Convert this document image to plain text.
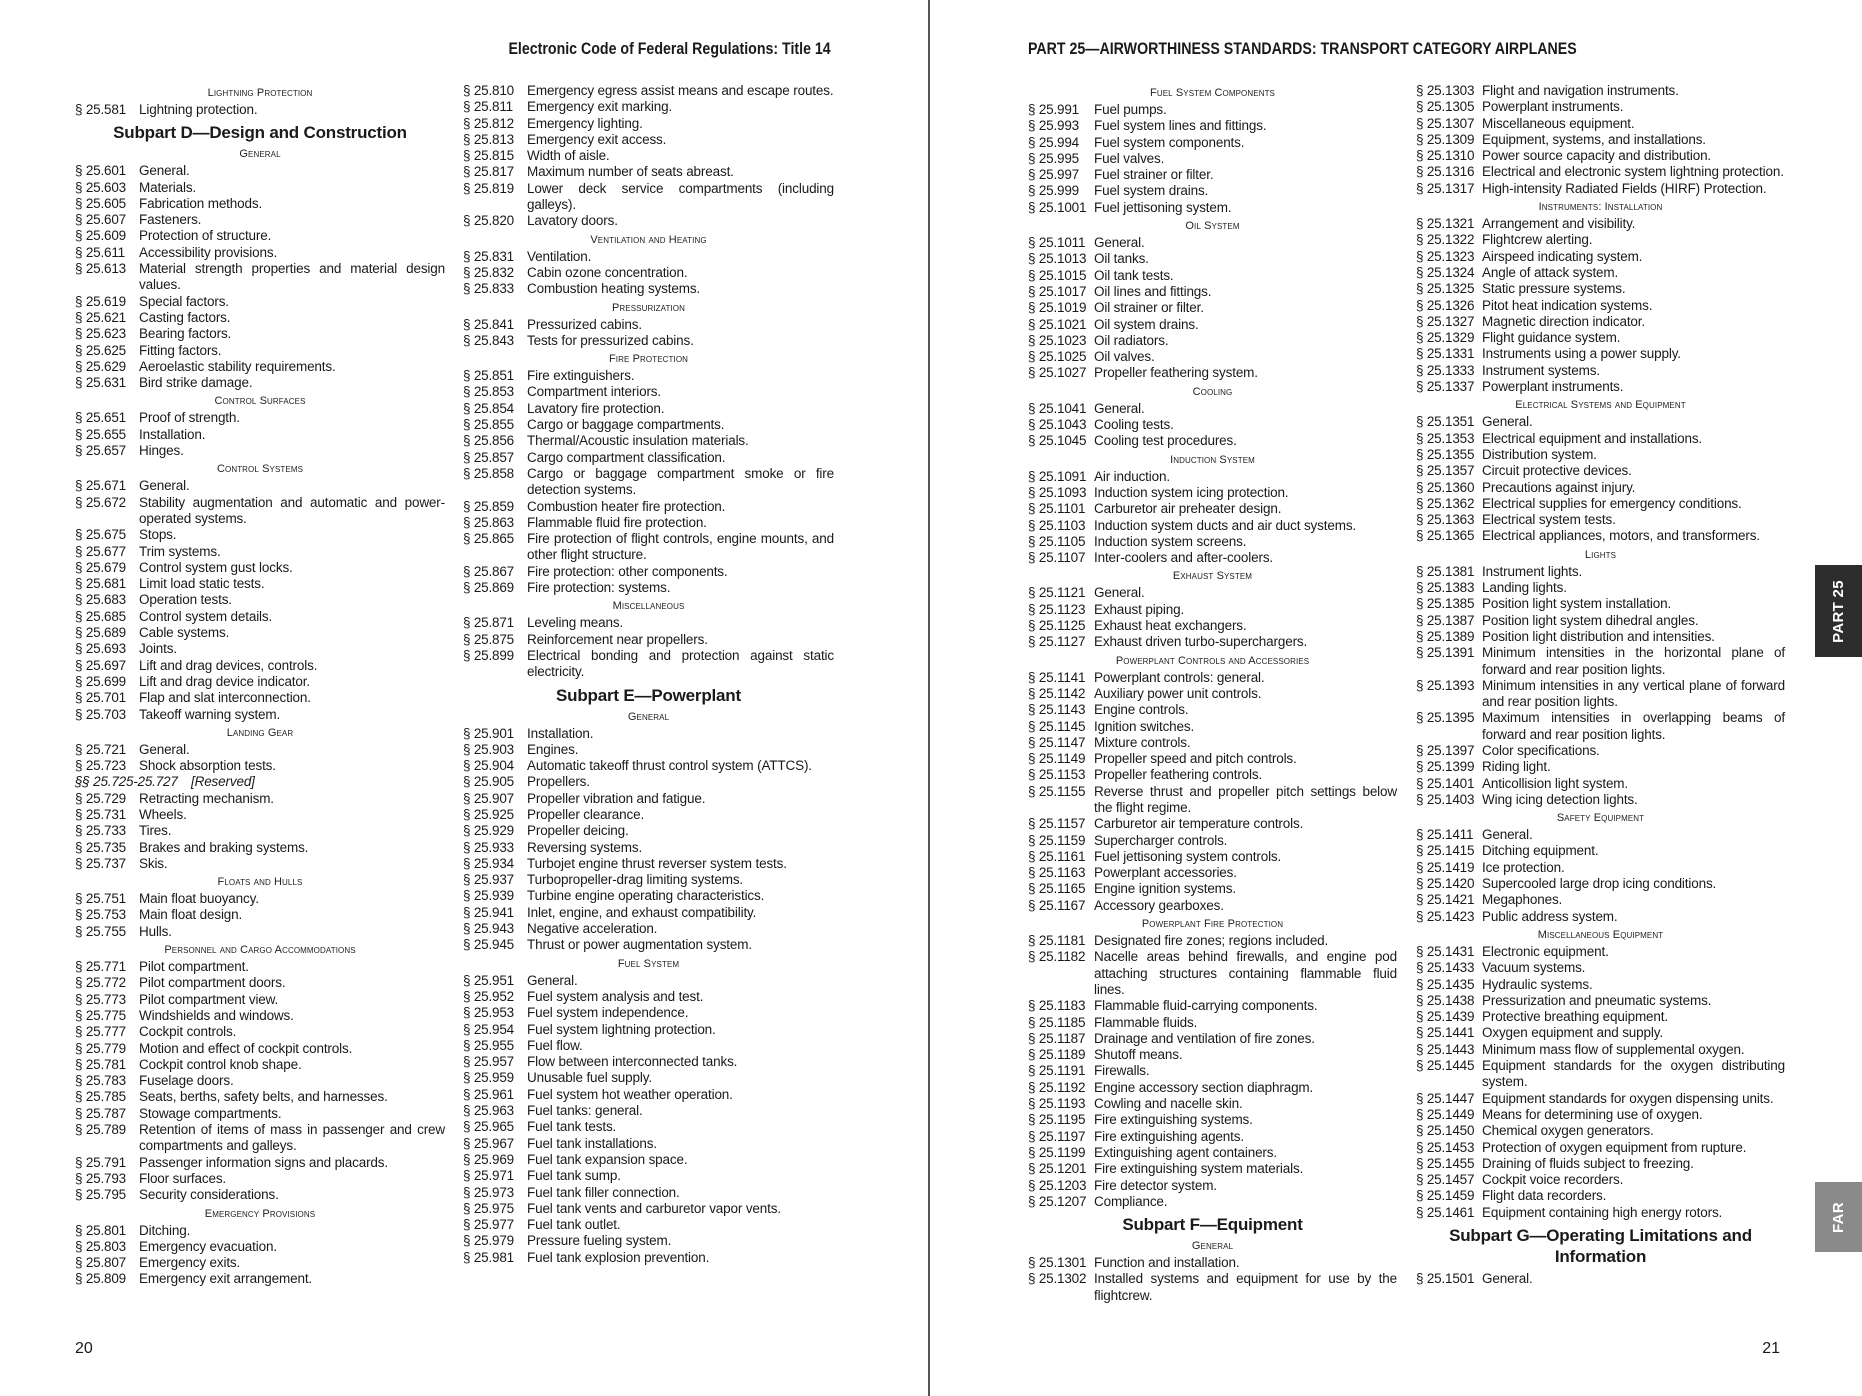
Electronic Code of Federal Regulations: Title 14
Lightning Protection
§ 25.581 Lightning protection.
Subpart D—Design and Construction
General
§ 25.601 General.
§ 25.603 Materials.
§ 25.605 Fabrication methods.
§ 25.607 Fasteners.
§ 25.609 Protection of structure.
§ 25.611	Accessibility provisions.
§ 25.613 Material strength properties and material design values.
§ 25.619 Special factors.
§ 25.621 Casting factors.
§ 25.623 Bearing factors.
§ 25.625 Fitting factors.
§ 25.629 Aeroelastic stability requirements.
§ 25.631 Bird strike damage.
Control Surfaces
§ 25.651 Proof of strength.
§ 25.655 Installation.
§ 25.657 Hinges.
Control Systems
§ 25.671 General.
§ 25.672 Stability augmentation and automatic and power-operated systems.
§ 25.675 Stops.
§ 25.677 Trim systems.
§ 25.679 Control system gust locks.
§ 25.681 Limit load static tests.
§ 25.683 Operation tests.
§ 25.685 Control system details.
§ 25.689 Cable systems.
§ 25.693 Joints.
§ 25.697 Lift and drag devices, controls.
§ 25.699 Lift and drag device indicator.
§ 25.701 Flap and slat interconnection.
§ 25.703 Takeoff warning system.
Landing Gear
§ 25.721 General.
§ 25.723 Shock absorption tests.
§§ 25.725-25.727 [Reserved]
§ 25.729 Retracting mechanism.
§ 25.731 Wheels.
§ 25.733 Tires.
§ 25.735 Brakes and braking systems.
§ 25.737 Skis.
Floats and Hulls
§ 25.751 Main float buoyancy.
§ 25.753 Main float design.
§ 25.755 Hulls.
Personnel and Cargo Accommodations
§ 25.771 Pilot compartment.
§ 25.772 Pilot compartment doors.
§ 25.773 Pilot compartment view.
§ 25.775 Windshields and windows.
§ 25.777 Cockpit controls.
§ 25.779 Motion and effect of cockpit controls.
§ 25.781 Cockpit control knob shape.
§ 25.783 Fuselage doors.
§ 25.785 Seats, berths, safety belts, and harnesses.
§ 25.787 Stowage compartments.
§ 25.789 Retention of items of mass in passenger and crew compartments and galleys.
§ 25.791 Passenger information signs and placards.
§ 25.793 Floor surfaces.
§ 25.795 Security considerations.
Emergency Provisions
§ 25.801 Ditching.
§ 25.803 Emergency evacuation.
§ 25.807 Emergency exits.
§ 25.809 Emergency exit arrangement.
§ 25.810 Emergency egress assist means and escape routes.
§ 25.811	Emergency exit marking.
§ 25.812 Emergency lighting.
§ 25.813 Emergency exit access.
§ 25.815 Width of aisle.
§ 25.817 Maximum number of seats abreast.
§ 25.819 Lower deck service compartments (including galleys).
§ 25.820 Lavatory doors.
Ventilation and Heating
§ 25.831 Ventilation.
§ 25.832 Cabin ozone concentration.
§ 25.833 Combustion heating systems.
Pressurization
§ 25.841 Pressurized cabins.
§ 25.843 Tests for pressurized cabins.
Fire Protection
§ 25.851 Fire extinguishers.
§ 25.853 Compartment interiors.
§ 25.854 Lavatory fire protection.
§ 25.855 Cargo or baggage compartments.
§ 25.856 Thermal/Acoustic insulation materials.
§ 25.857 Cargo compartment classification.
§ 25.858 Cargo or baggage compartment smoke or fire detection systems.
§ 25.859 Combustion heater fire protection.
§ 25.863 Flammable fluid fire protection.
§ 25.865 Fire protection of flight controls, engine mounts, and other flight structure.
§ 25.867 Fire protection: other components.
§ 25.869 Fire protection: systems.
Miscellaneous
§ 25.871 Leveling means.
§ 25.875 Reinforcement near propellers.
§ 25.899 Electrical bonding and protection against static electricity.
Subpart E—Powerplant
General
§ 25.901 Installation.
§ 25.903 Engines.
§ 25.904 Automatic takeoff thrust control system (ATTCS).
§ 25.905 Propellers.
§ 25.907 Propeller vibration and fatigue.
§ 25.925 Propeller clearance.
§ 25.929 Propeller deicing.
§ 25.933 Reversing systems.
§ 25.934 Turbojet engine thrust reverser system tests.
§ 25.937 Turbopropeller-drag limiting systems.
§ 25.939 Turbine engine operating characteristics.
§ 25.941 Inlet, engine, and exhaust compatibility.
§ 25.943 Negative acceleration.
§ 25.945 Thrust or power augmentation system.
Fuel System
§ 25.951 General.
§ 25.952 Fuel system analysis and test.
§ 25.953 Fuel system independence.
§ 25.954 Fuel system lightning protection.
§ 25.955 Fuel flow.
§ 25.957 Flow between interconnected tanks.
§ 25.959 Unusable fuel supply.
§ 25.961 Fuel system hot weather operation.
§ 25.963 Fuel tanks: general.
§ 25.965 Fuel tank tests.
§ 25.967 Fuel tank installations.
§ 25.969 Fuel tank expansion space.
§ 25.971 Fuel tank sump.
§ 25.973 Fuel tank filler connection.
§ 25.975 Fuel tank vents and carburetor vapor vents.
§ 25.977 Fuel tank outlet.
§ 25.979 Pressure fueling system.
§ 25.981 Fuel tank explosion prevention.
20
PART 25—AIRWORTHINESS STANDARDS: TRANSPORT CATEGORY AIRPLANES
Fuel System Components
§ 25.991	Fuel pumps.
§ 25.993	Fuel system lines and fittings.
§ 25.994	Fuel system components.
§ 25.995	Fuel valves.
§ 25.997	Fuel strainer or filter.
§ 25.999	Fuel system drains.
§ 25.1001 Fuel jettisoning system.
Oil System
§ 25.1011 General.
§ 25.1013 Oil tanks.
§ 25.1015 Oil tank tests.
§ 25.1017 Oil lines and fittings.
§ 25.1019 Oil strainer or filter.
§ 25.1021 Oil system drains.
§ 25.1023 Oil radiators.
§ 25.1025 Oil valves.
§ 25.1027 Propeller feathering system.
Cooling
§ 25.1041 General.
§ 25.1043 Cooling tests.
§ 25.1045 Cooling test procedures.
Induction System
§ 25.1091 Air induction.
§ 25.1093 Induction system icing protection.
§ 25.1101 Carburetor air preheater design.
§ 25.1103 Induction system ducts and air duct systems.
§ 25.1105 Induction system screens.
§ 25.1107 Inter-coolers and after-coolers.
Exhaust System
§ 25.1121 General.
§ 25.1123 Exhaust piping.
§ 25.1125 Exhaust heat exchangers.
§ 25.1127 Exhaust driven turbo-superchargers.
Powerplant Controls and Accessories
§ 25.1141 Powerplant controls: general.
§ 25.1142 Auxiliary power unit controls.
§ 25.1143 Engine controls.
§ 25.1145 Ignition switches.
§ 25.1147 Mixture controls.
§ 25.1149 Propeller speed and pitch controls.
§ 25.1153 Propeller feathering controls.
§ 25.1155 Reverse thrust and propeller pitch settings below the flight regime.
§ 25.1157 Carburetor air temperature controls.
§ 25.1159 Supercharger controls.
§ 25.1161 Fuel jettisoning system controls.
§ 25.1163 Powerplant accessories.
§ 25.1165 Engine ignition systems.
§ 25.1167 Accessory gearboxes.
Powerplant Fire Protection
§ 25.1181 Designated fire zones; regions included.
§ 25.1182 Nacelle areas behind firewalls, and engine pod attaching structures containing flammable fluid lines.
§ 25.1183 Flammable fluid-carrying components.
§ 25.1185 Flammable fluids.
§ 25.1187 Drainage and ventilation of fire zones.
§ 25.1189 Shutoff means.
§ 25.1191 Firewalls.
§ 25.1192 Engine accessory section diaphragm.
§ 25.1193 Cowling and nacelle skin.
§ 25.1195 Fire extinguishing systems.
§ 25.1197 Fire extinguishing agents.
§ 25.1199 Extinguishing agent containers.
§ 25.1201 Fire extinguishing system materials.
§ 25.1203 Fire detector system.
§ 25.1207 Compliance.
Subpart F—Equipment
General
§ 25.1301 Function and installation.
§ 25.1302 Installed systems and equipment for use by the flightcrew.
§ 25.1303 Flight and navigation instruments.
§ 25.1305 Powerplant instruments.
§ 25.1307 Miscellaneous equipment.
§ 25.1309 Equipment, systems, and installations.
§ 25.1310 Power source capacity and distribution.
§ 25.1316 Electrical and electronic system lightning protection.
§ 25.1317 High-intensity Radiated Fields (HIRF) Protection.
Instruments: Installation
§ 25.1321 Arrangement and visibility.
§ 25.1322 Flightcrew alerting.
§ 25.1323 Airspeed indicating system.
§ 25.1324 Angle of attack system.
§ 25.1325 Static pressure systems.
§ 25.1326 Pitot heat indication systems.
§ 25.1327 Magnetic direction indicator.
§ 25.1329 Flight guidance system.
§ 25.1331 Instruments using a power supply.
§ 25.1333 Instrument systems.
§ 25.1337 Powerplant instruments.
Electrical Systems and Equipment
§ 25.1351 General.
§ 25.1353 Electrical equipment and installations.
§ 25.1355 Distribution system.
§ 25.1357 Circuit protective devices.
§ 25.1360 Precautions against injury.
§ 25.1362 Electrical supplies for emergency conditions.
§ 25.1363 Electrical system tests.
§ 25.1365 Electrical appliances, motors, and transformers.
Lights
§ 25.1381 Instrument lights.
§ 25.1383 Landing lights.
§ 25.1385 Position light system installation.
§ 25.1387 Position light system dihedral angles.
§ 25.1389 Position light distribution and intensities.
§ 25.1391 Minimum intensities in the horizontal plane of forward and rear position lights.
§ 25.1393 Minimum intensities in any vertical plane of forward and rear position lights.
§ 25.1395 Maximum intensities in overlapping beams of forward and rear position lights.
§ 25.1397 Color specifications.
§ 25.1399 Riding light.
§ 25.1401 Anticollision light system.
§ 25.1403 Wing icing detection lights.
Safety Equipment
§ 25.1411 General.
§ 25.1415 Ditching equipment.
§ 25.1419 Ice protection.
§ 25.1420 Supercooled large drop icing conditions.
§ 25.1421 Megaphones.
§ 25.1423 Public address system.
Miscellaneous Equipment
§ 25.1431 Electronic equipment.
§ 25.1433 Vacuum systems.
§ 25.1435 Hydraulic systems.
§ 25.1438 Pressurization and pneumatic systems.
§ 25.1439 Protective breathing equipment.
§ 25.1441 Oxygen equipment and supply.
§ 25.1443 Minimum mass flow of supplemental oxygen.
§ 25.1445 Equipment standards for the oxygen distributing system.
§ 25.1447 Equipment standards for oxygen dispensing units.
§ 25.1449 Means for determining use of oxygen.
§ 25.1450 Chemical oxygen generators.
§ 25.1453 Protection of oxygen equipment from rupture.
§ 25.1455 Draining of fluids subject to freezing.
§ 25.1457 Cockpit voice recorders.
§ 25.1459 Flight data recorders.
§ 25.1461 Equipment containing high energy rotors.
Subpart G—Operating Limitations and Information
§ 25.1501 General.
21
PART 25
FAR
